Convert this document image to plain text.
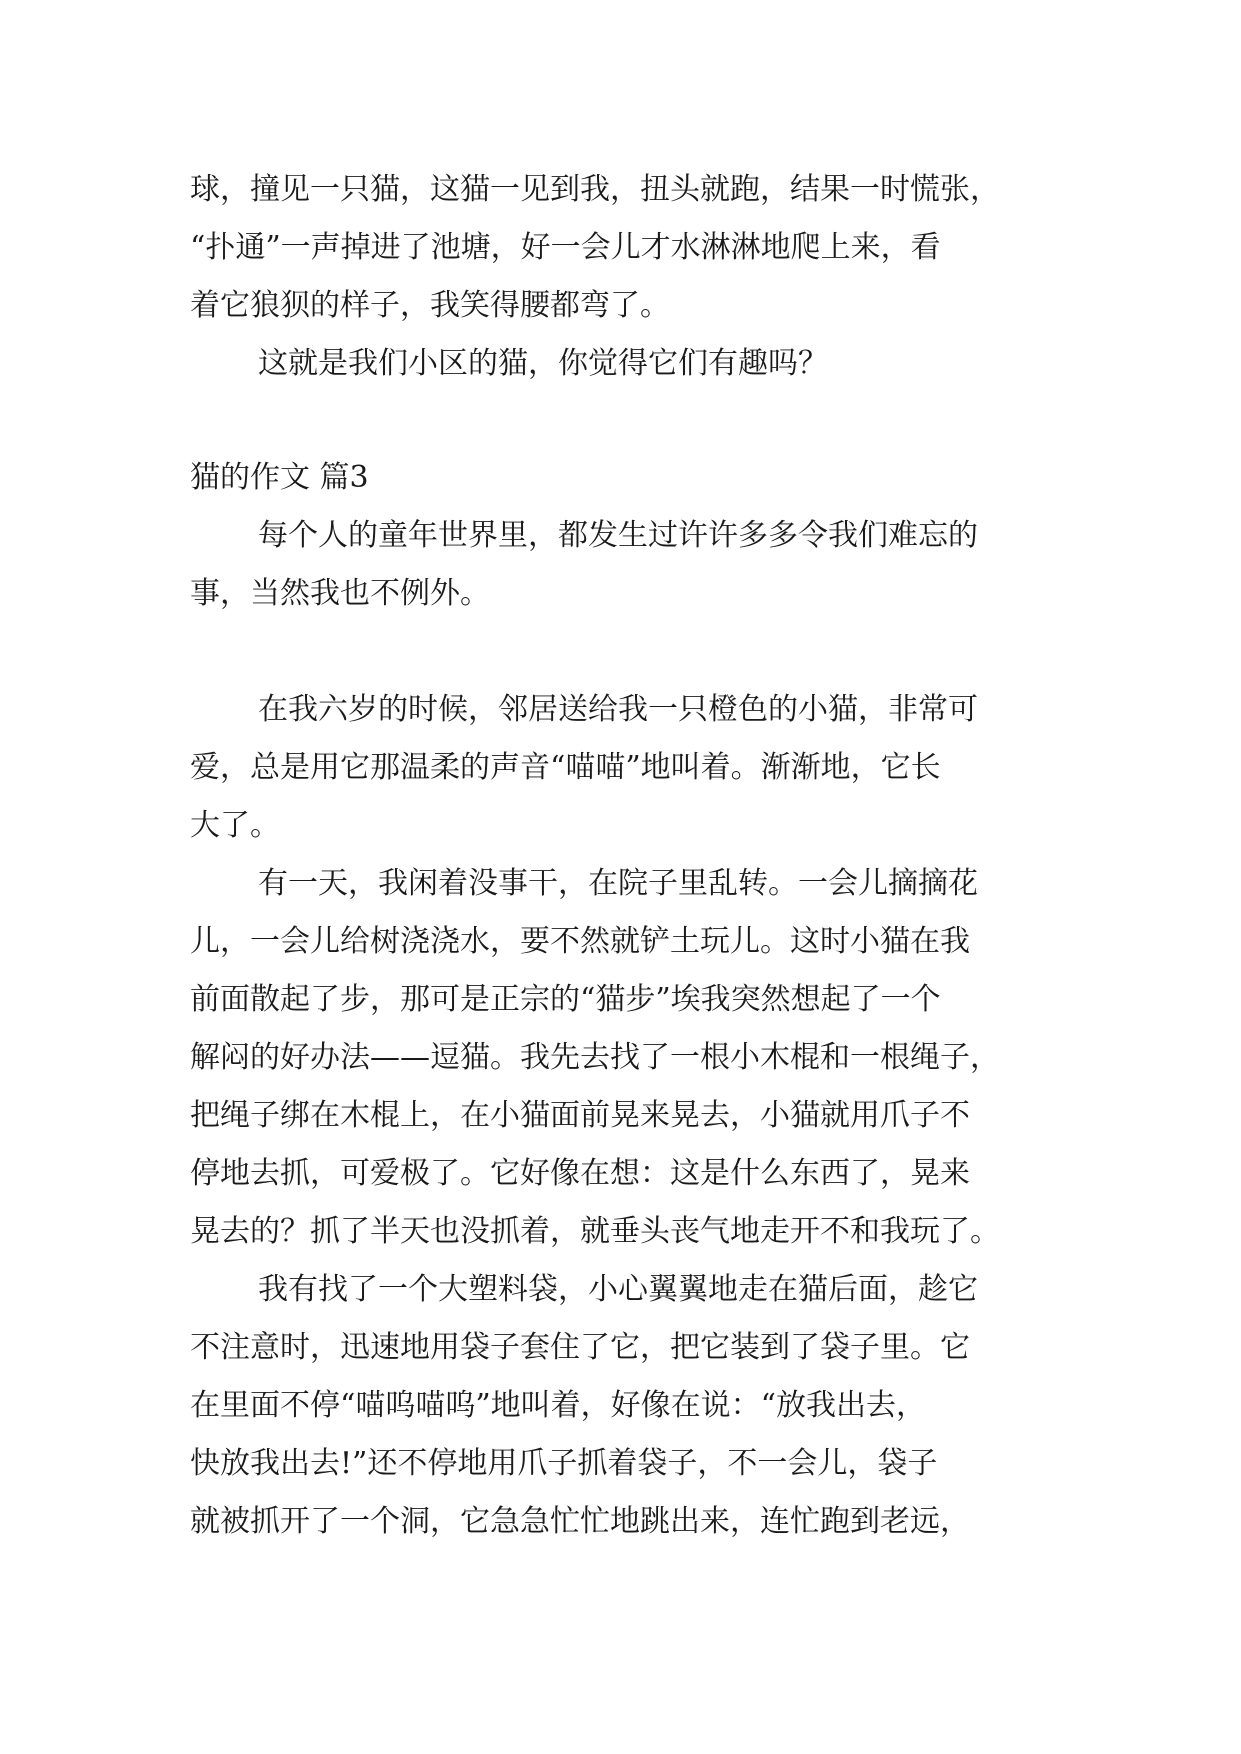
球，撞见一只猫，这猫一见到我，扭头就跑，结果一时慌张，
“扑通”一声掉进了池塘，好一会儿才水淋淋地爬上来，看
着它狼狈的样子，我笑得腰都弯了。
这就是我们小区的猫，你觉得它们有趣吗？
猫的作文 篇3
每个人的童年世界里，都发生过许许多多令我们难忘的
事，当然我也不例外。
在我六岁的时候，邻居送给我一只橙色的小猫，非常可
爱，总是用它那温柔的声音“喵喵”地叫着。渐渐地，它长
大了。
有一天，我闲着没事干，在院子里乱转。一会儿摘摘花
儿，一会儿给树浇浇水，要不然就铲土玩儿。这时小猫在我
前面散起了步，那可是正宗的“猫步”埃我突然想起了一个
解闷的好办法——逗猫。我先去找了一根小木棍和一根绳子，
把绳子绑在木棍上，在小猫面前晃来晃去，小猫就用爪子不
停地去抓，可爱极了。它好像在想：这是什么东西了，晃来
晃去的？抓了半天也没抓着，就垂头丧气地走开不和我玩了。
我有找了一个大塑料袋，小心翼翼地走在猫后面，趁它
不注意时，迅速地用袋子套住了它，把它装到了袋子里。它
在里面不停“喵呜喵呜”地叫着，好像在说：“放我出去，
快放我出去!”还不停地用爪子抓着袋子，不一会儿，袋子
就被抓开了一个洞，它急急忙忙地跳出来，连忙跑到老远，
